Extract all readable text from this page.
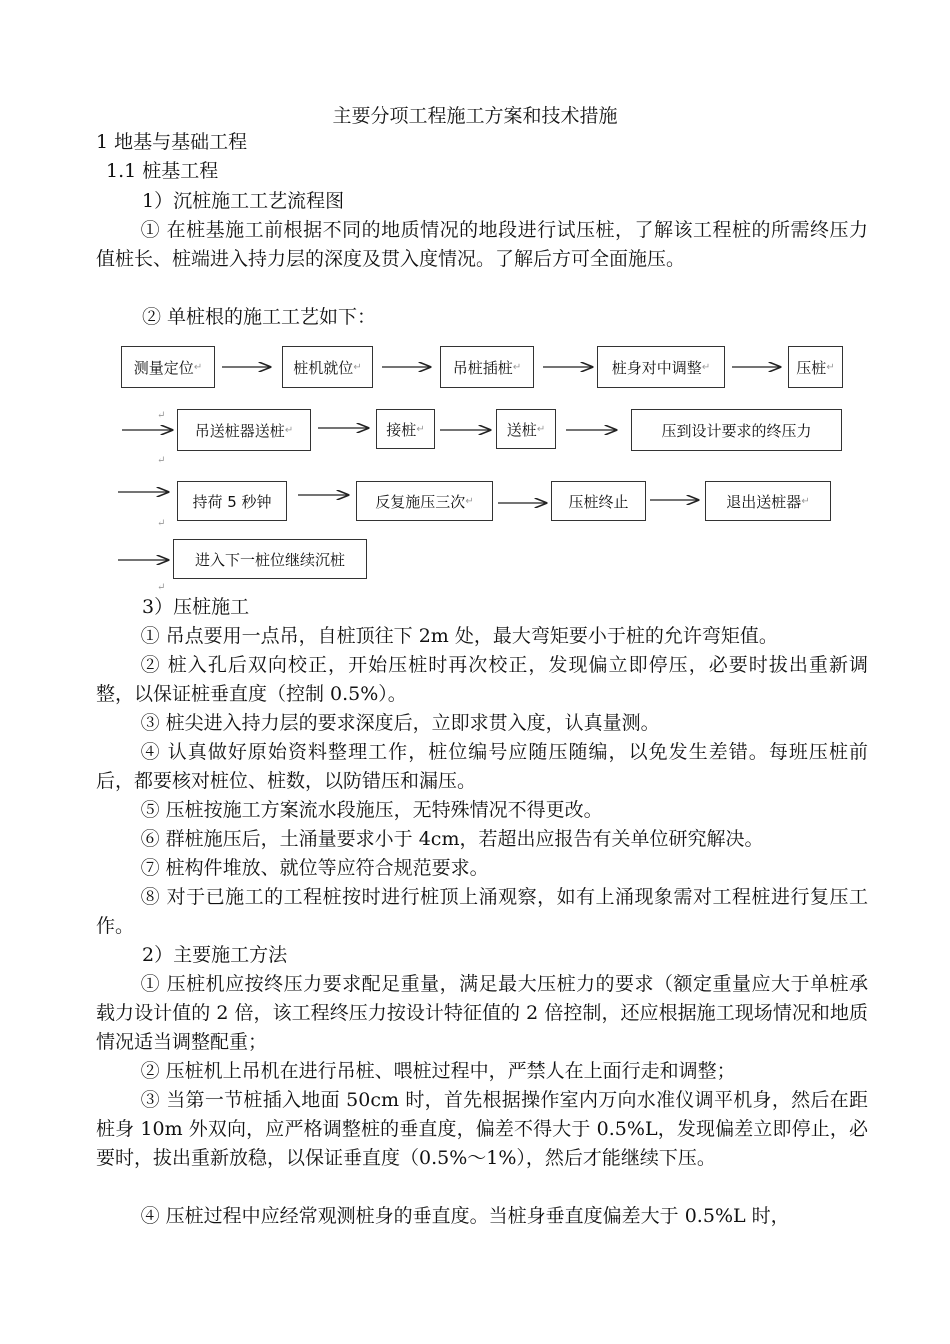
主要分项工程施工方案和技术措施
1 地基与基础工程
1.1 桩基工程
1）沉桩施工工艺流程图
① 在桩基施工前根据不同的地质情况的地段进行试压桩，了解该工程桩的所需终压力值桩长、桩端进入持力层的深度及贯入度情况。了解后方可全面施压。
② 单桩根的施工工艺如下：
测量定位 ↵	桩机就位 ↵	吊桩插桩 ↵	桩身对中调整 ↵	压桩 ↵
↵
吊送桩器送桩 ↵	接桩 ↵	送桩 ↵	压到设计要求的终压力
↵
持荷 5 秒钟	反复施压三次 ↵	压桩终止	退出送桩器 ↵
↵
进入下一桩位继续沉桩
↵
3）压桩施工
① 吊点要用一点吊，自桩顶往下 2m 处，最大弯矩要小于桩的允许弯矩值。
② 桩入孔后双向校正，开始压桩时再次校正，发现偏立即停压，必要时拔出重新调整，以保证桩垂直度（控制 0.5%）。
③ 桩尖进入持力层的要求深度后，立即求贯入度，认真量测。
④ 认真做好原始资料整理工作，桩位编号应随压随编，以免发生差错。每班压桩前后，都要核对桩位、桩数，以防错压和漏压。
⑤ 压桩按施工方案流水段施压，无特殊情况不得更改。
⑥ 群桩施压后，土涌量要求小于 4cm，若超出应报告有关单位研究解决。
⑦ 桩构件堆放、就位等应符合规范要求。
⑧ 对于已施工的工程桩按时进行桩顶上涌观察，如有上涌现象需对工程桩进行复压工作。
2）主要施工方法
① 压桩机应按终压力要求配足重量，满足最大压桩力的要求（额定重量应大于单桩承载力设计值的 2 倍，该工程终压力按设计特征值的 2 倍控制，还应根据施工现场情况和地质情况适当调整配重；
② 压桩机上吊机在进行吊桩、喂桩过程中，严禁人在上面行走和调整；
③ 当第一节桩插入地面 50cm 时，首先根据操作室内万向水准仪调平机身，然后在距桩身 10m 外双向，应严格调整桩的垂直度，偏差不得大于 0.5%L，发现偏差立即停止，必要时，拔出重新放稳，以保证垂直度（0.5%～1%），然后才能继续下压。
④ 压桩过程中应经常观测桩身的垂直度。当桩身垂直度偏差大于 0.5%L 时，
